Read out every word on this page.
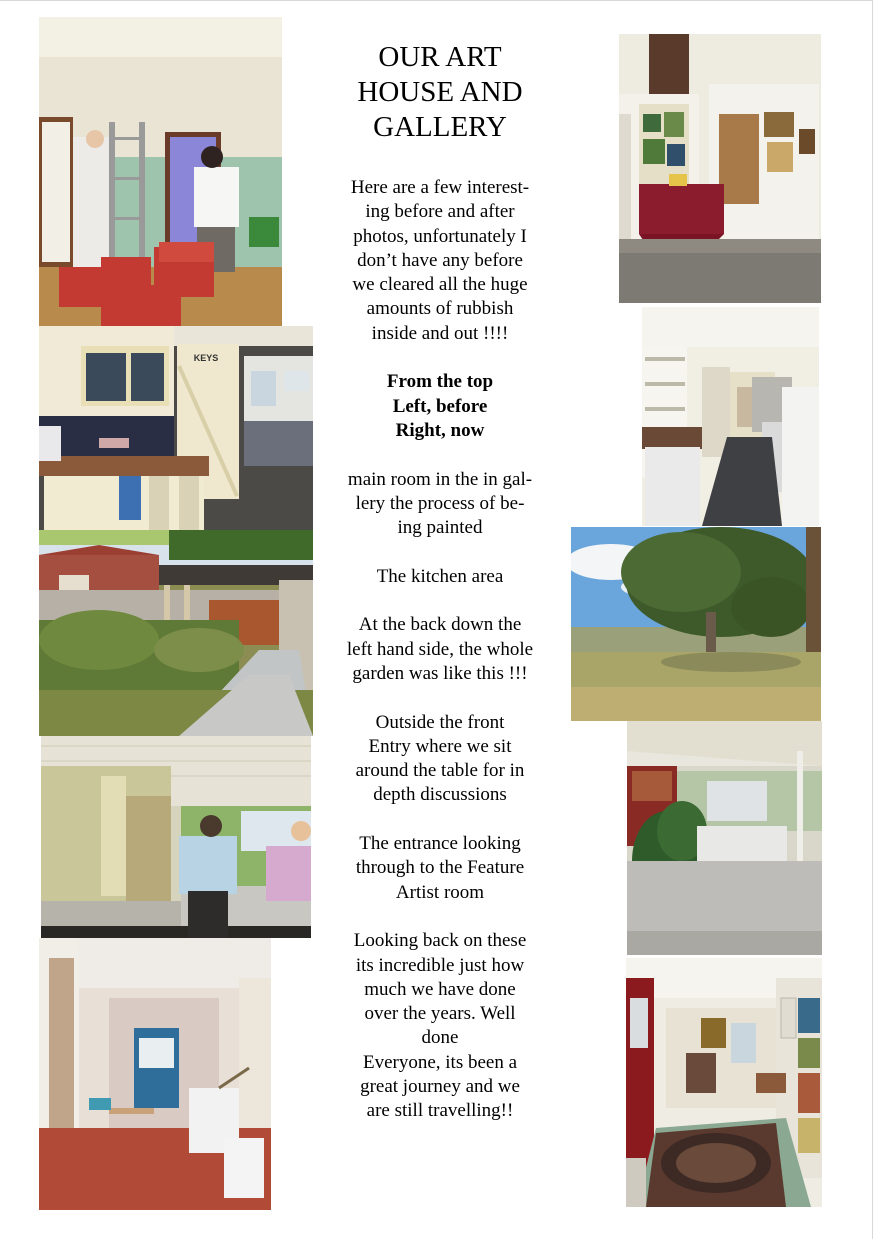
KEYS
OUR ART
HOUSE AND
GALLERY
Here are a few interest-
ing before and after
photos, unfortunately I
don’t have any before
we cleared all the huge
amounts of rubbish
inside and out !!!!
From the top
Left, before
Right, now
main room in the in gal-
lery the process of be-
ing painted
The kitchen area
At the back down the
left hand side, the whole
garden was like this !!!
Outside the front
Entry where we sit
around the table for in
depth discussions
The entrance looking
through to the Feature
Artist room
Looking back on these
its incredible just how
much we have done
over the years. Well
done
Everyone, its been a
great journey and we
are still travelling!!
